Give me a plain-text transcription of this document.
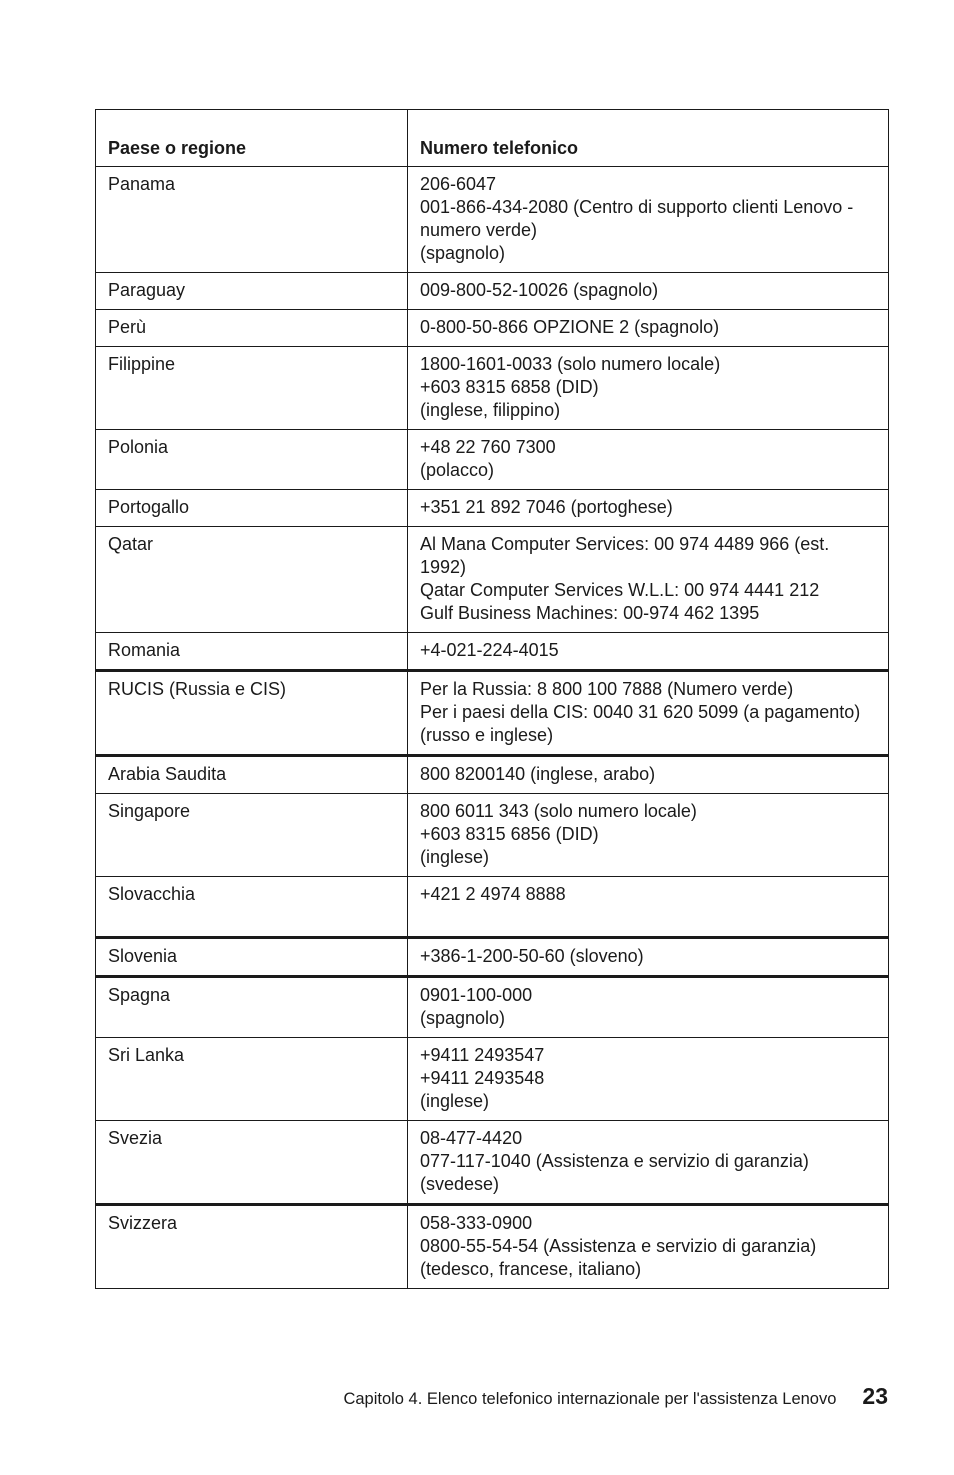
Paese o regione	Numero telefonico
Panama	206-6047
001-866-434-2080 (Centro di supporto clienti Lenovo - numero verde)
(spagnolo)

Paraguay	009-800-52-10026 (spagnolo)

Perù	0-800-50-866 OPZIONE 2 (spagnolo)

Filippine	1800-1601-0033 (solo numero locale)
+603 8315 6858 (DID)
(inglese, filippino)

Polonia	+48 22 760 7300
(polacco)

Portogallo	+351 21 892 7046 (portoghese)

Qatar	Al Mana Computer Services: 00 974 4489 966 (est. 1992)
Qatar Computer Services W.L.L: 00 974 4441 212
Gulf Business Machines: 00-974 462 1395

Romania	+4-021-224-4015

RUCIS (Russia e CIS)	Per la Russia: 8 800 100 7888 (Numero verde)
Per i paesi della CIS: 0040 31 620 5099 (a pagamento)
(russo e inglese)

Arabia Saudita	800 8200140 (inglese, arabo)

Singapore	800 6011 343 (solo numero locale)
+603 8315 6856 (DID)
(inglese)

Slovacchia	+421 2 4974 8888

Slovenia	+386-1-200-50-60 (sloveno)

Spagna	0901-100-000
(spagnolo)

Sri Lanka	+9411 2493547
+9411 2493548
(inglese)

Svezia	08-477-4420
077-117-1040 (Assistenza e servizio di garanzia)
(svedese)

Svizzera	058-333-0900
0800-55-54-54 (Assistenza e servizio di garanzia)
(tedesco, francese, italiano)
Capitolo 4. Elenco telefonico internazionale per l'assistenza Lenovo 23
